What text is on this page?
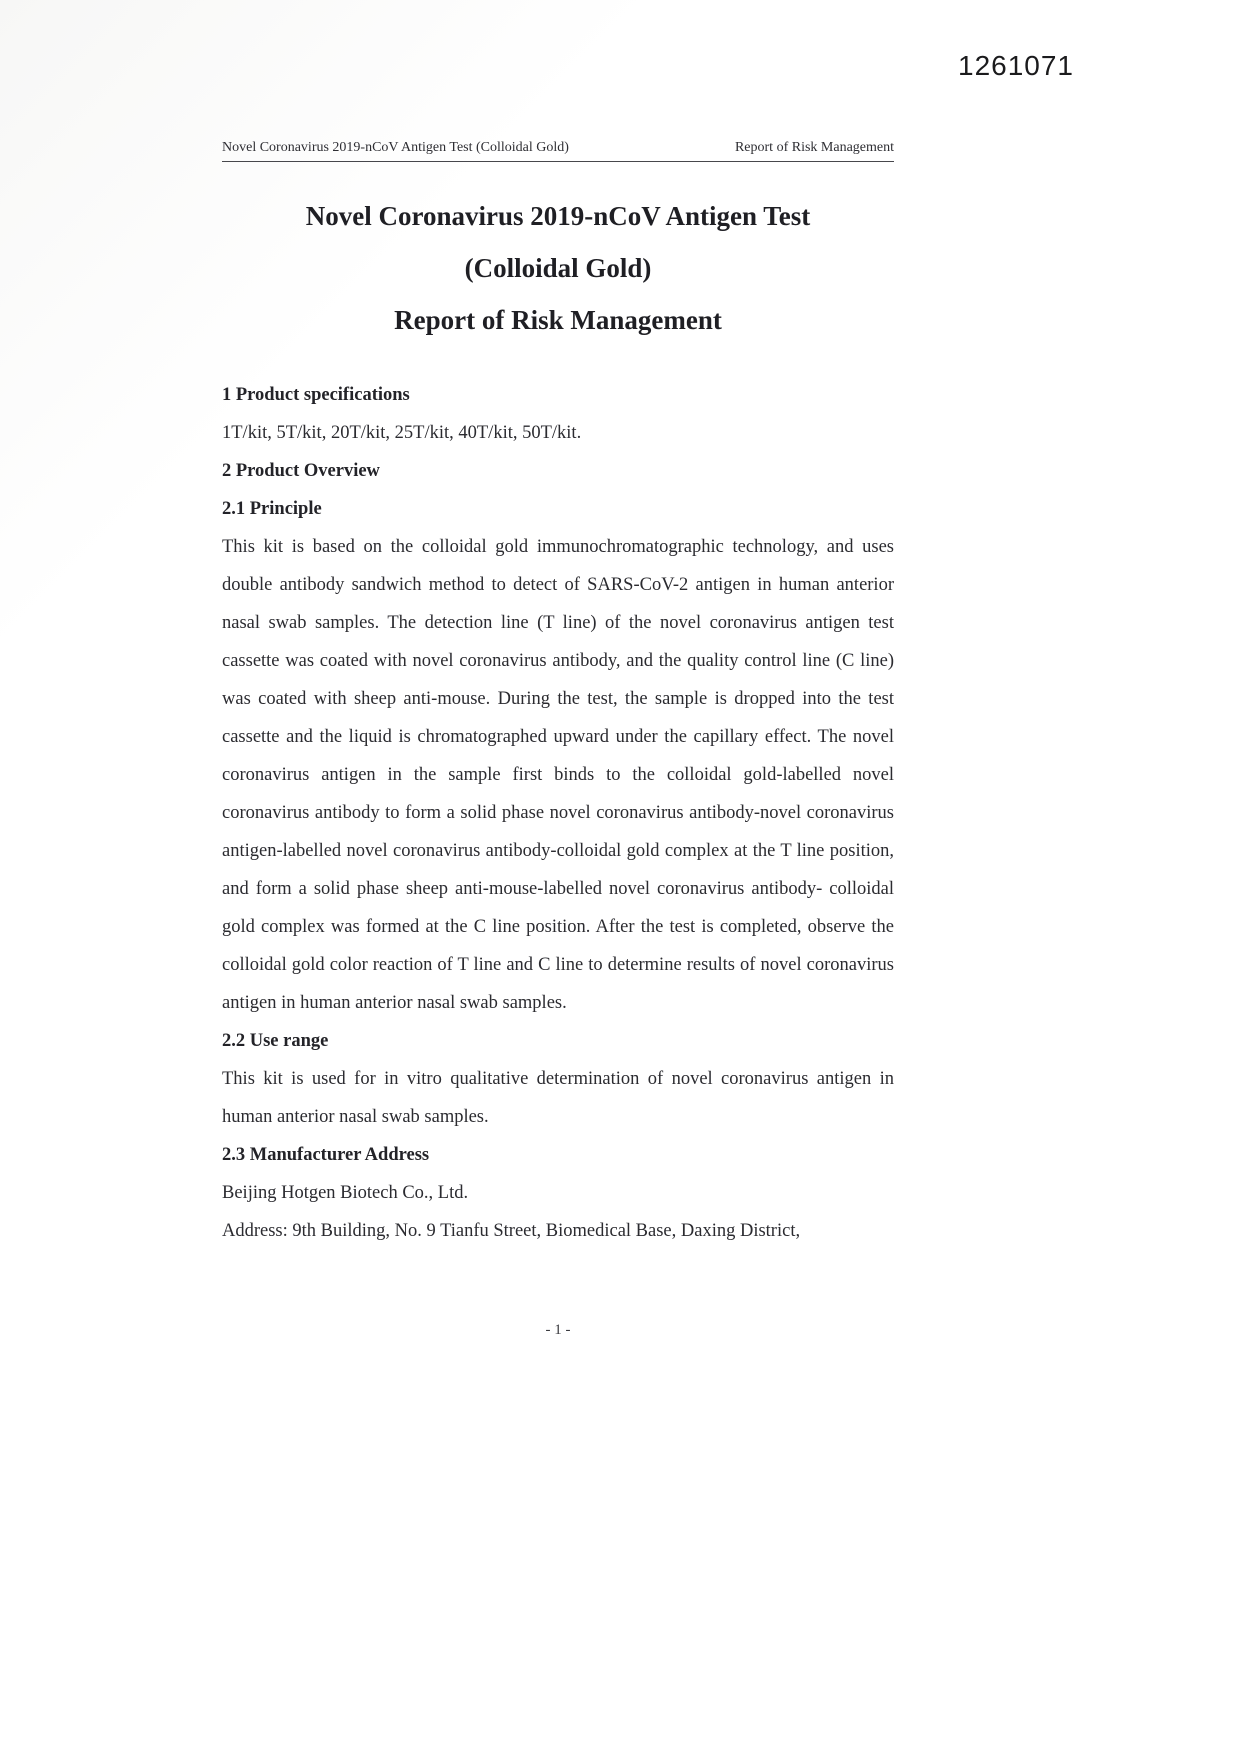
1261071
Novel Coronavirus 2019-nCoV Antigen Test (Colloidal Gold)	Report of Risk Management
Novel Coronavirus 2019-nCoV Antigen Test
(Colloidal Gold)
Report of Risk Management
1 Product specifications
1T/kit, 5T/kit, 20T/kit, 25T/kit, 40T/kit, 50T/kit.
2 Product Overview
2.1 Principle
This kit is based on the colloidal gold immunochromatographic technology, and uses double antibody sandwich method to detect of SARS-CoV-2 antigen in human anterior nasal swab samples. The detection line (T line) of the novel coronavirus antigen test cassette was coated with novel coronavirus antibody, and the quality control line (C line) was coated with sheep anti-mouse. During the test, the sample is dropped into the test cassette and the liquid is chromatographed upward under the capillary effect. The novel coronavirus antigen in the sample first binds to the colloidal gold-labelled novel coronavirus antibody to form a solid phase novel coronavirus antibody-novel coronavirus antigen-labelled novel coronavirus antibody-colloidal gold complex at the T line position, and form a solid phase sheep anti-mouse-labelled novel coronavirus antibody- colloidal gold complex was formed at the C line position. After the test is completed, observe the colloidal gold color reaction of T line and C line to determine results of novel coronavirus antigen in human anterior nasal swab samples.
2.2 Use range
This kit is used for in vitro qualitative determination of novel coronavirus antigen in human anterior nasal swab samples.
2.3 Manufacturer Address
Beijing Hotgen Biotech Co., Ltd.
Address: 9th Building, No. 9 Tianfu Street, Biomedical Base, Daxing District,
- 1 -
